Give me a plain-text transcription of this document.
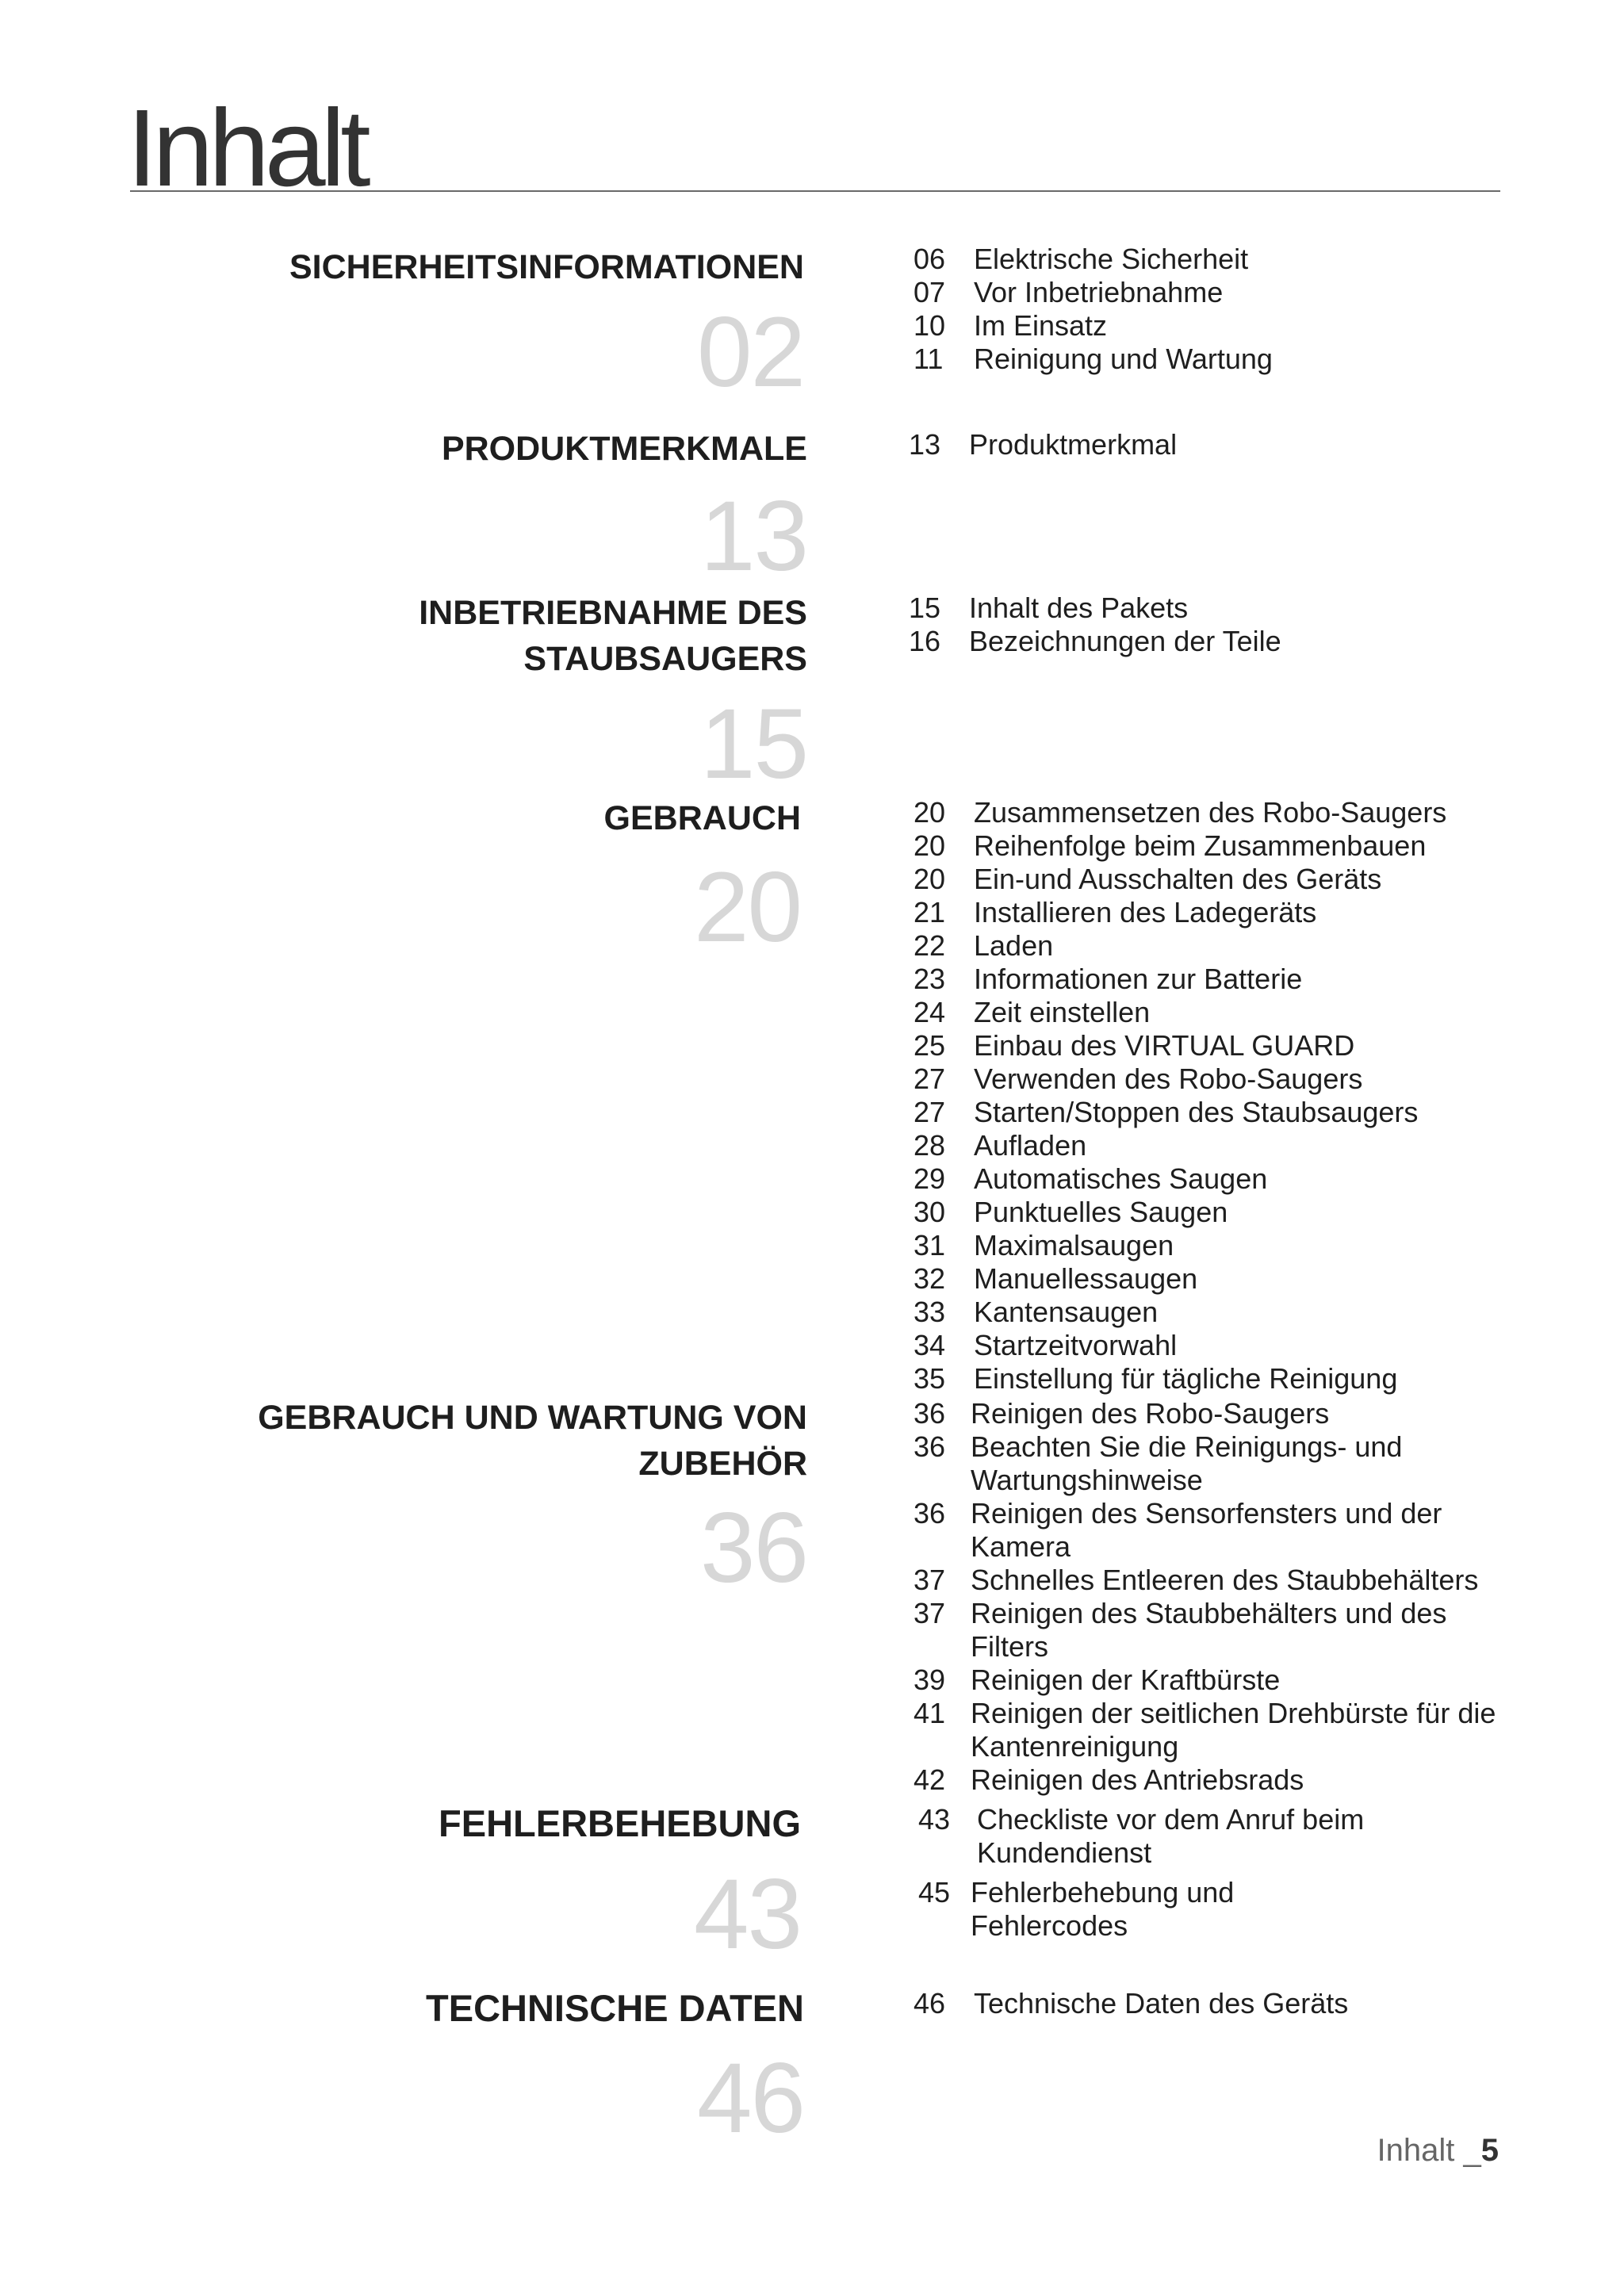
Inhalt
SICHERHEITSINFORMATIONEN
02
06 Elektrische Sicherheit
07 Vor Inbetriebnahme
10 Im Einsatz
11	Reinigung und Wartung
PRODUKTMERKMALE
13
13 Produktmerkmal
INBETRIEBNAHME DES
STAUBSAUGERS
15
15 Inhalt des Pakets
16 Bezeichnungen der Teile
GEBRAUCH
20
20 Zusammensetzen des Robo-Saugers
20 Reihenfolge beim Zusammenbauen
20 Ein-und Ausschalten des Geräts
21 Installieren des Ladegeräts
22 Laden
23 Informationen zur Batterie
24 Zeit einstellen
25 Einbau des VIRTUAL GUARD
27 Verwenden des Robo-Saugers
27 Starten/Stoppen des Staubsaugers
28 Aufladen
29 Automatisches Saugen
30 Punktuelles Saugen
31 Maximalsaugen
32 Manuellessaugen
33 Kantensaugen
34 Startzeitvorwahl
35 Einstellung für tägliche Reinigung
GEBRAUCH UND WARTUNG VON
ZUBEHÖR
36
36 Reinigen des Robo-Saugers
36 Beachten Sie die Reinigungs- und Wartungshinweise
36 Reinigen des Sensorfensters und der Kamera
37 Schnelles Entleeren des Staubbehälters
37 Reinigen des Staubbehälters und des Filters
39 Reinigen der Kraftbürste
41 Reinigen der seitlichen Drehbürste für die Kantenreinigung
42 Reinigen des Antriebsrads
FEHLERBEHEBUNG
43
43 Checkliste vor dem Anruf beim Kundendienst
45 Fehlerbehebung und Fehlercodes
TECHNISCHE DATEN
46
46 Technische Daten des Geräts
Inhalt _5
